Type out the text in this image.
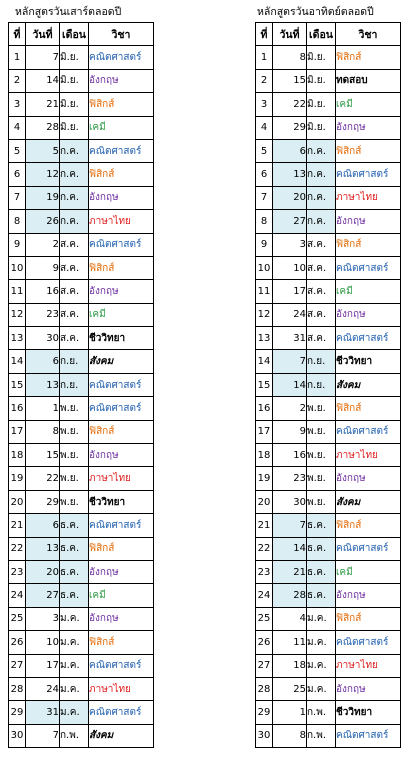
หลักสูตรวันเสาร์ตลอดปี
ที่	วันที่	เดือน	วิชา
1	7	มิ.ย.	คณิตศาสตร์
2	14	มิ.ย.	อังกฤษ
3	21	มิ.ย.	ฟิสิกส์
4	28	มิ.ย.	เคมี
5	5	ก.ค.	คณิตศาสตร์
6	12	ก.ค.	ฟิสิกส์
7	19	ก.ค.	อังกฤษ
8	26	ก.ค.	ภาษาไทย
9	2	ส.ค.	คณิตศาสตร์
10	9	ส.ค.	ฟิสิกส์
11	16	ส.ค.	อังกฤษ
12	23	ส.ค.	เคมี
13	30	ส.ค.	ชีววิทยา
14	6	ก.ย.	สังคม
15	13	ก.ย.	คณิตศาสตร์
16	1	พ.ย.	คณิตศาสตร์
17	8	พ.ย.	ฟิสิกส์
18	15	พ.ย.	อังกฤษ
19	22	พ.ย.	ภาษาไทย
20	29	พ.ย.	ชีววิทยา
21	6	ธ.ค.	คณิตศาสตร์
22	13	ธ.ค.	ฟิสิกส์
23	20	ธ.ค.	อังกฤษ
24	27	ธ.ค.	เคมี
25	3	ม.ค.	อังกฤษ
26	10	ม.ค.	ฟิสิกส์
27	17	ม.ค.	คณิตศาสตร์
28	24	ม.ค.	ภาษาไทย
29	31	ม.ค.	คณิตศาสตร์
30	7	ก.พ.	สังคม
หลักสูตรวันอาทิตย์ตลอดปี
ที่	วันที่	เดือน	วิชา
1	8	มิ.ย.	ฟิสิกส์
2	15	มิ.ย.	ทดสอบ
3	22	มิ.ย.	เคมี
4	29	มิ.ย.	อังกฤษ
5	6	ก.ค.	ฟิสิกส์
6	13	ก.ค.	คณิตศาสตร์
7	20	ก.ค.	ภาษาไทย
8	27	ก.ค.	อังกฤษ
9	3	ส.ค.	ฟิสิกส์
10	10	ส.ค.	คณิตศาสตร์
11	17	ส.ค.	เคมี
12	24	ส.ค.	อังกฤษ
13	31	ส.ค.	คณิตศาสตร์
14	7	ก.ย.	ชีววิทยา
15	14	ก.ย.	สังคม
16	2	พ.ย.	ฟิสิกส์
17	9	พ.ย.	คณิตศาสตร์
18	16	พ.ย.	ภาษาไทย
19	23	พ.ย.	อังกฤษ
20	30	พ.ย.	สังคม
21	7	ธ.ค.	ฟิสิกส์
22	14	ธ.ค.	คณิตศาสตร์
23	21	ธ.ค.	เคมี
24	28	ธ.ค.	อังกฤษ
25	4	ม.ค.	ฟิสิกส์
26	11	ม.ค.	คณิตศาสตร์
27	18	ม.ค.	ภาษาไทย
28	25	ม.ค.	อังกฤษ
29	1	ก.พ.	ชีววิทยา
30	8	ก.พ.	คณิตศาสตร์
